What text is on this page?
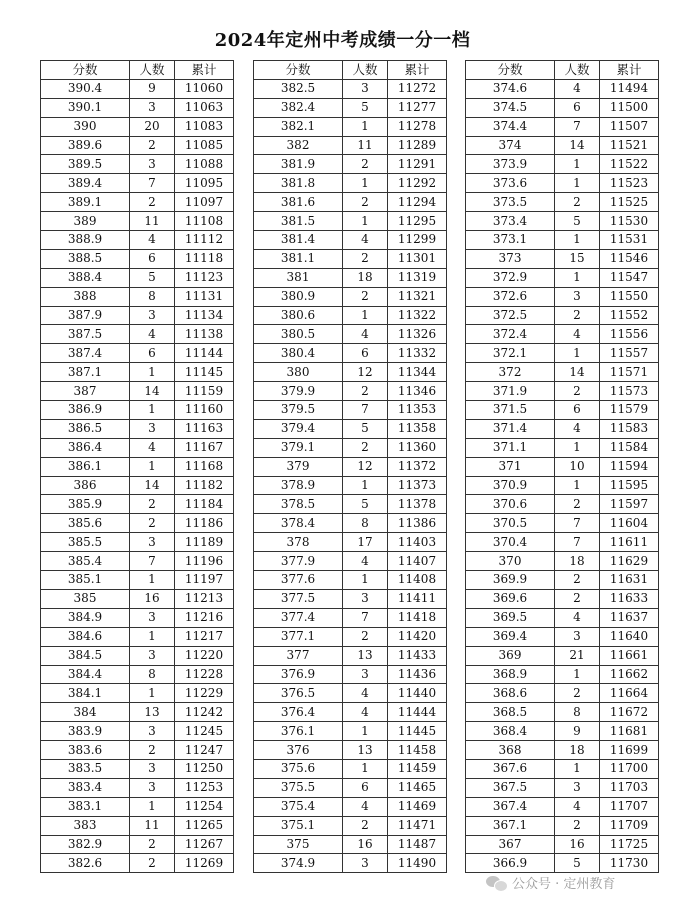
2024年定州中考成绩一分一档
分数	人数	累计
390.4	9	11060
390.1	3	11063
390	20	11083
389.6	2	11085
389.5	3	11088
389.4	7	11095
389.1	2	11097
389	11	11108
388.9	4	11112
388.5	6	11118
388.4	5	11123
388	8	11131
387.9	3	11134
387.5	4	11138
387.4	6	11144
387.1	1	11145
387	14	11159
386.9	1	11160
386.5	3	11163
386.4	4	11167
386.1	1	11168
386	14	11182
385.9	2	11184
385.6	2	11186
385.5	3	11189
385.4	7	11196
385.1	1	11197
385	16	11213
384.9	3	11216
384.6	1	11217
384.5	3	11220
384.4	8	11228
384.1	1	11229
384	13	11242
383.9	3	11245
383.6	2	11247
383.5	3	11250
383.4	3	11253
383.1	1	11254
383	11	11265
382.9	2	11267
382.6	2	11269
分数	人数	累计
382.5	3	11272
382.4	5	11277
382.1	1	11278
382	11	11289
381.9	2	11291
381.8	1	11292
381.6	2	11294
381.5	1	11295
381.4	4	11299
381.1	2	11301
381	18	11319
380.9	2	11321
380.6	1	11322
380.5	4	11326
380.4	6	11332
380	12	11344
379.9	2	11346
379.5	7	11353
379.4	5	11358
379.1	2	11360
379	12	11372
378.9	1	11373
378.5	5	11378
378.4	8	11386
378	17	11403
377.9	4	11407
377.6	1	11408
377.5	3	11411
377.4	7	11418
377.1	2	11420
377	13	11433
376.9	3	11436
376.5	4	11440
376.4	4	11444
376.1	1	11445
376	13	11458
375.6	1	11459
375.5	6	11465
375.4	4	11469
375.1	2	11471
375	16	11487
374.9	3	11490
分数	人数	累计
374.6	4	11494
374.5	6	11500
374.4	7	11507
374	14	11521
373.9	1	11522
373.6	1	11523
373.5	2	11525
373.4	5	11530
373.1	1	11531
373	15	11546
372.9	1	11547
372.6	3	11550
372.5	2	11552
372.4	4	11556
372.1	1	11557
372	14	11571
371.9	2	11573
371.5	6	11579
371.4	4	11583
371.1	1	11584
371	10	11594
370.9	1	11595
370.6	2	11597
370.5	7	11604
370.4	7	11611
370	18	11629
369.9	2	11631
369.6	2	11633
369.5	4	11637
369.4	3	11640
369	21	11661
368.9	1	11662
368.6	2	11664
368.5	8	11672
368.4	9	11681
368	18	11699
367.6	1	11700
367.5	3	11703
367.4	4	11707
367.1	2	11709
367	16	11725
366.9	5	11730
公众号 · 定州教育
